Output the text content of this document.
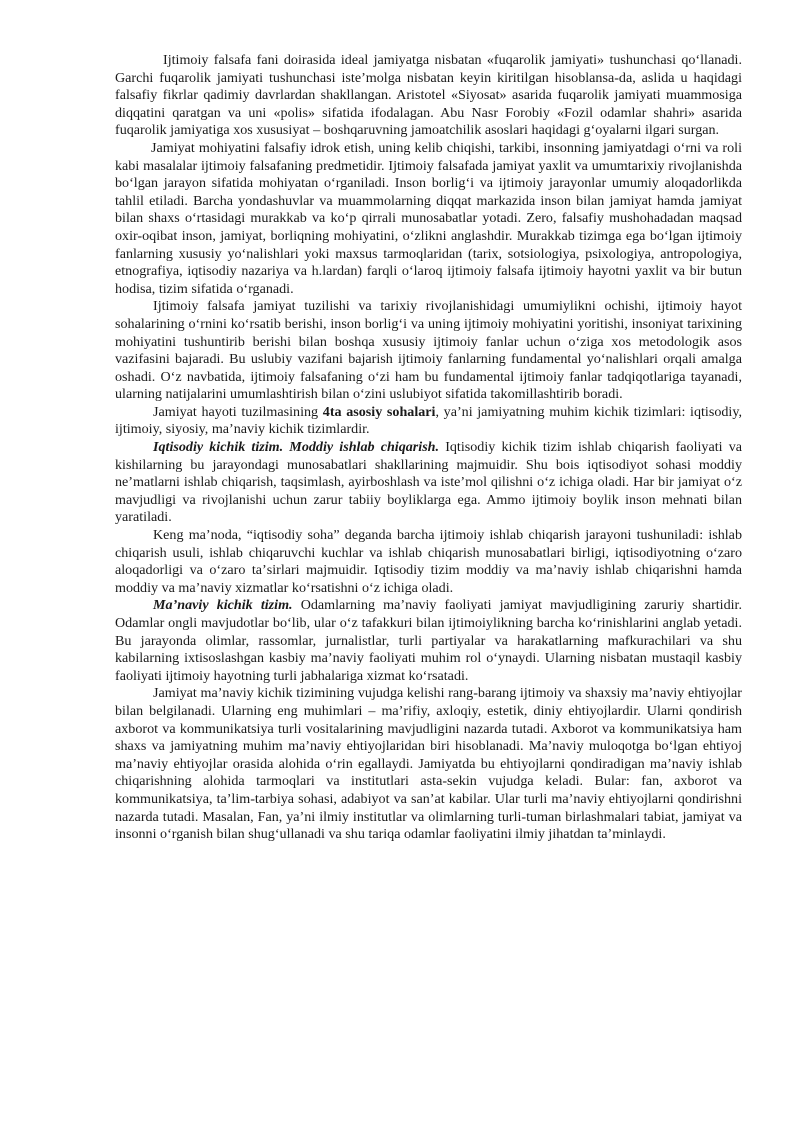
Ijtimoiy falsafa fani doirasida ideal jamiyatga nisbatan «fuqarolik jamiyati» tushunchasi qoʻllanadi. Garchi fuqarolik jamiyati tushunchasi isteʼmolga nisbatan keyin kiritilgan hisoblansa-da, aslida u haqidagi falsafiy fikrlar qadimiy davrlardan shakllangan. Aristotel «Siyosat» asarida fuqarolik jamiyati muammosiga diqqatini qaratgan va uni «polis» sifatida ifodalagan. Abu Nasr Forobiy «Fozil odamlar shahri» asarida fuqarolik jamiyatiga xos xususiyat – boshqaruvning jamoatchilik asoslari haqidagi gʻoyalarni ilgari surgan.

Jamiyat mohiyatini falsafiy idrok etish, uning kelib chiqishi, tarkibi, insonning jamiyatdagi oʻrni va roli kabi masalalar ijtimoiy falsafaning predmetidir. Ijtimoiy falsafada jamiyat yaxlit va umumtarixiy rivojlanishda boʻlgan jarayon sifatida mohiyatan oʻrganiladi. Inson borligʻi va ijtimoiy jarayonlar umumiy aloqadorlikda tahlil etiladi. Barcha yondashuvlar va muammolarning diqqat markazida inson bilan jamiyat hamda jamiyat bilan shaxs oʻrtasidagi murakkab va koʻp qirrali munosabatlar yotadi. Zero, falsafiy mushohadadan maqsad oxir-oqibat inson, jamiyat, borliqning mohiyatini, oʻzlikni anglashdir. Murakkab tizimga ega boʻlgan ijtimoiy fanlarning xususiy yoʻnalishlari yoki maxsus tarmoqlaridan (tarix, sotsiologiya, psixologiya, antropologiya, etnografiya, iqtisodiy nazariya va h.lardan) farqli oʻlaroq ijtimoiy falsafa ijtimoiy hayotni yaxlit va bir butun hodisa, tizim sifatida oʻrganadi.

Ijtimoiy falsafa jamiyat tuzilishi va tarixiy rivojlanishidagi umumiylikni ochishi, ijtimoiy hayot sohalarining oʻrnini koʻrsatib berishi, inson borligʻi va uning ijtimoiy mohiyatini yoritishi, insoniyat tarixining mohiyatini tushuntirib berishi bilan boshqa xususiy ijtimoiy fanlar uchun oʻziga xos metodologik asos vazifasini bajaradi. Bu uslubiy vazifani bajarish ijtimoiy fanlarning fundamental yoʻnalishlari orqali amalga oshadi. Oʻz navbatida, ijtimoiy falsafaning oʻzi ham bu fundamental ijtimoiy fanlar tadqiqotlariga tayanadi, ularning natijalarini umumlashtirish bilan oʻzini uslubiyot sifatida takomillashtirib boradi.

Jamiyat hayoti tuzilmasining 4ta asosiy sohalari, yaʼni jamiyatning muhim kichik tizimlari: iqtisodiy, ijtimoiy, siyosiy, maʼnaviy kichik tizimlardir.

Iqtisodiy kichik tizim. Moddiy ishlab chiqarish. Iqtisodiy kichik tizim ishlab chiqarish faoliyati va kishilarning bu jarayondagi munosabatlari shakllarining majmuidir. Shu bois iqtisodiyot sohasi moddiy neʼmatlarni ishlab chiqarish, taqsimlash, ayirboshlash va isteʼmol qilishni oʻz ichiga oladi. Har bir jamiyat oʻz mavjudligi va rivojlanishi uchun zarur tabiiy boyliklarga ega. Ammo ijtimoiy boylik inson mehnati bilan yaratiladi.

Keng maʼnoda, “iqtisodiy soha” deganda barcha ijtimoiy ishlab chiqarish jarayoni tushuniladi: ishlab chiqarish usuli, ishlab chiqaruvchi kuchlar va ishlab chiqarish munosabatlari birligi, iqtisodiyotning oʻzaro aloqadorligi va oʻzaro taʼsirlari majmuidir. Iqtisodiy tizim moddiy va maʼnaviy ishlab chiqarishni hamda moddiy va maʼnaviy xizmatlar koʻrsatishni oʻz ichiga oladi.

Maʼnaviy kichik tizim. Odamlarning maʼnaviy faoliyati jamiyat mavjudligining zaruriy shartidir. Odamlar ongli mavjudotlar boʻlib, ular oʻz tafakkuri bilan ijtimoiylikning barcha koʻrinishlarini anglab yetadi. Bu jarayonda olimlar, rassomlar, jurnalistlar, turli partiyalar va harakatlarning mafkurachilari va shu kabilarning ixtisoslashgan kasbiy maʼnaviy faoliyati muhim rol oʻynaydi. Ularning nisbatan mustaqil kasbiy faoliyati ijtimoiy hayotning turli jabhalariga xizmat koʻrsatadi.

Jamiyat maʼnaviy kichik tizimining vujudga kelishi rang-barang ijtimoiy va shaxsiy maʼnaviy ehtiyojlar bilan belgilanadi. Ularning eng muhimlari – maʼrifiy, axloqiy, estetik, diniy ehtiyojlardir. Ularni qondirish axborot va kommunikatsiya turli vositalarining mavjudligini nazarda tutadi. Axborot va kommunikatsiya ham shaxs va jamiyatning muhim maʼnaviy ehtiyojlaridan biri hisoblanadi. Maʼnaviy muloqotga boʻlgan ehtiyoj maʼnaviy ehtiyojlar orasida alohida oʻrin egallaydi. Jamiyatda bu ehtiyojlarni qondiradigan maʼnaviy ishlab chiqarishning alohida tarmoqlari va institutlari asta-sekin vujudga keladi. Bular: fan, axborot va kommunikatsiya, taʼlim-tarbiya sohasi, adabiyot va sanʼat kabilar. Ular turli maʼnaviy ehtiyojlarni qondirishni nazarda tutadi. Masalan, Fan, yaʼni ilmiy institutlar va olimlarning turli-tuman birlashmalari tabiat, jamiyat va insonni oʻrganish bilan shugʻullanadi va shu tariqa odamlar faoliyatini ilmiy jihatdan taʼminlaydi.
